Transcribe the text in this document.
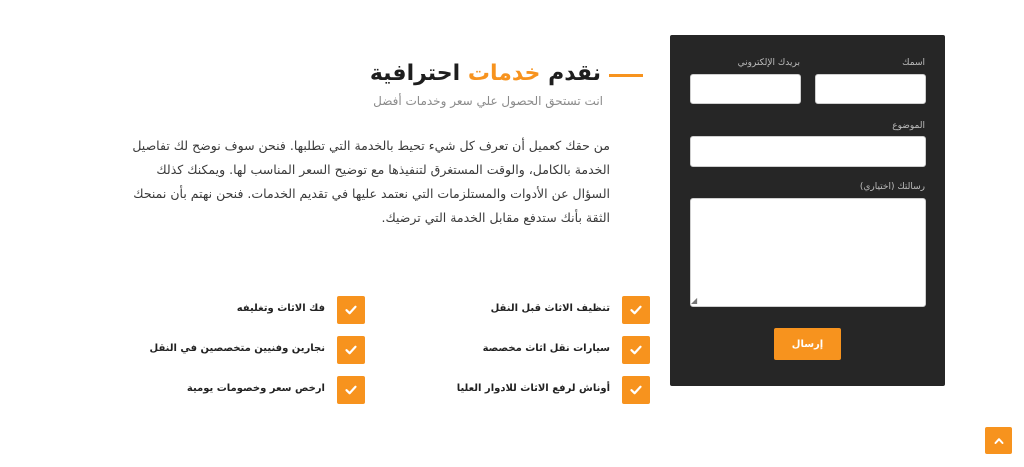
اسمك
بريدك الإلكتروني
الموضوع
رسالتك (اختياري)
◢
إرسال
نقدم خدمات احترافية
انت تستحق الحصول علي سعر وخدمات أفضل

من حقك كعميل أن تعرف كل شيء تحيط بالخدمة التي تطلبها. فنحن سوف نوضح لك تفاصيل الخدمة بالكامل، والوقت المستغرق لتنفيذها مع توضيح السعر المناسب لها. ويمكنك كذلك السؤال عن الأدوات والمستلزمات التي نعتمد عليها في تقديم الخدمات. فنحن نهتم بأن نمنحك الثقة بأنك ستدفع مقابل الخدمة التي ترضيك.

تنظيف الاثاث قبل النقل
سيارات نقل اثاث مخصصة
أوناش لرفع الاثاث للادوار العليا
فك الاثاث وتغليفه
نجارين وفنيين متخصصين في النقل
ارخص سعر وخصومات يومية
